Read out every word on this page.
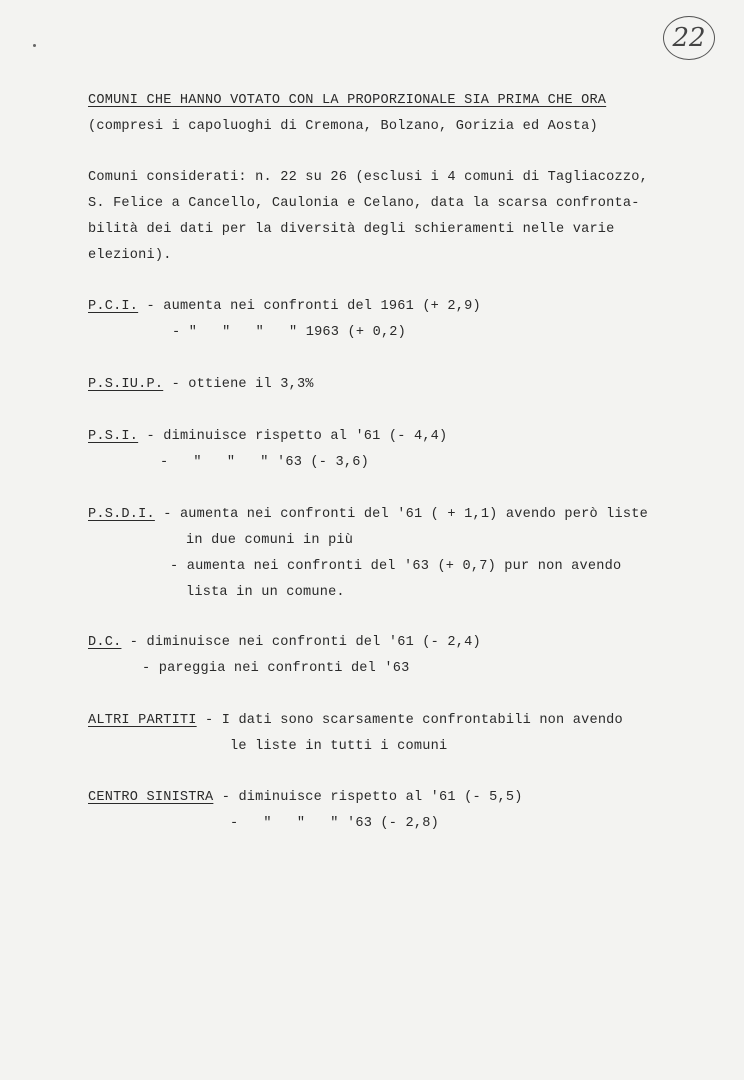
22
COMUNI CHE HANNO VOTATO CON LA PROPORZIONALE SIA PRIMA CHE ORA
(compresi i capoluoghi di Cremona, Bolzano, Gorizia ed Aosta)
Comuni considerati: n. 22 su 26 (esclusi i 4 comuni di Tagliacozzo,
S. Felice a Cancello, Caulonia e Celano, data la scarsa confronta-
bilità dei dati per la diversità degli schieramenti nelle varie
elezioni).
P.C.I. - aumenta nei confronti del 1961 (+ 2,9)
- "   "   "   " 1963 (+ 0,2)
P.S.IU.P. - ottiene il 3,3%
P.S.I. - diminuisce rispetto al '61 (- 4,4)
-   "   "   " '63 (- 3,6)
P.S.D.I. - aumenta nei confronti del '61 ( + 1,1) avendo però liste
in due comuni in più
- aumenta nei confronti del '63 (+ 0,7) pur non avendo
lista in un comune.
D.C. - diminuisce nei confronti del '61 (- 2,4)
- pareggia nei confronti del '63
ALTRI PARTITI - I dati sono scarsamente confrontabili non avendo
le liste in tutti i comuni
CENTRO SINISTRA - diminuisce rispetto al '61 (- 5,5)
-   "   "   " '63 (- 2,8)
